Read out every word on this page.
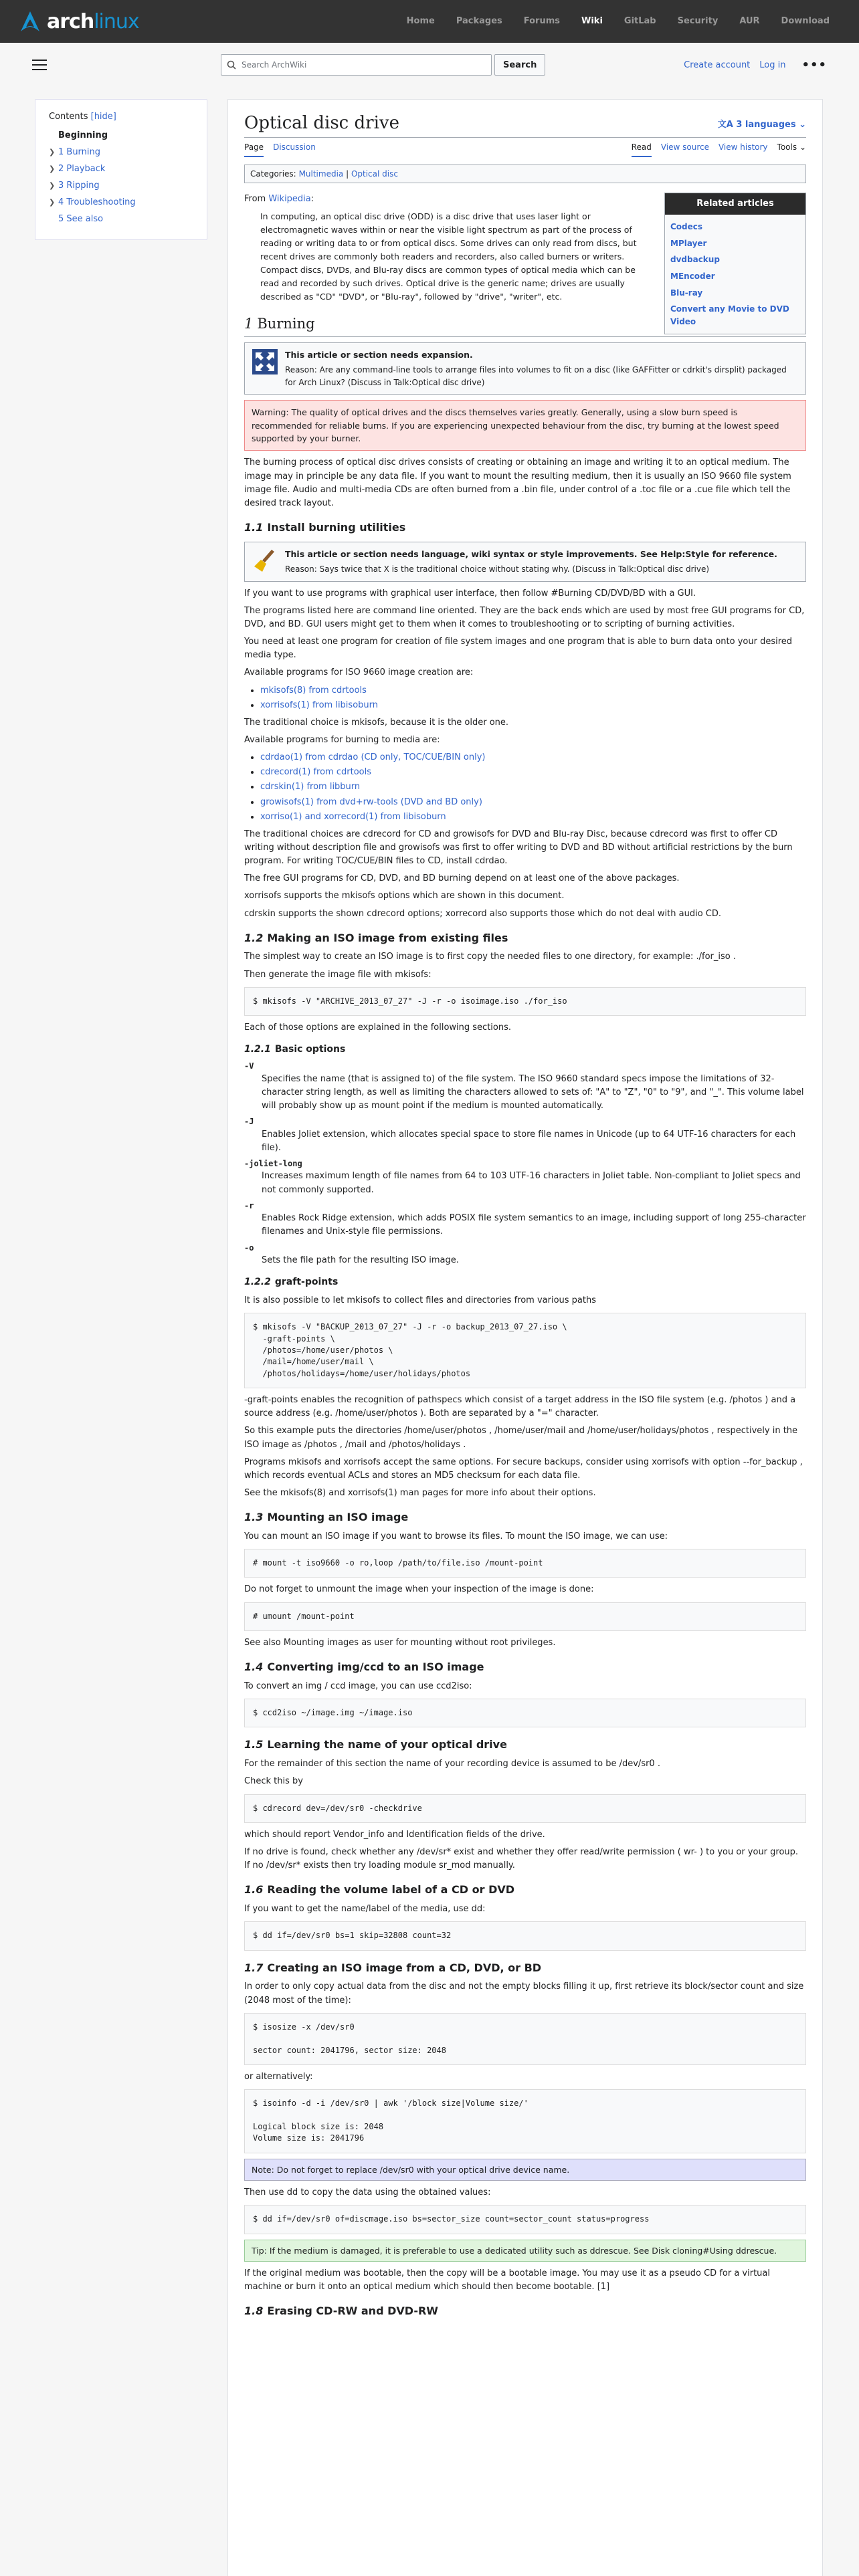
archlinux	Home	Packages	Forums	Wiki	GitLab	Security	AUR	Download
Search ArchWiki	Search	Create account Log in •••
Contents [hide]
Beginning
❯ 1 Burning
❯ 2 Playback
❯ 3 Ripping
❯ 4 Troubleshooting
5 See also
Optical disc drive	文A 3 languages ⌄
Page Discussion	Read View source View history Tools ⌄
Categories: Multimedia | Optical disc
Related articles
Codecs
MPlayer
dvdbackup
MEncoder
Blu-ray
Convert any Movie to DVD Video

From Wikipedia:

In computing, an optical disc drive (ODD) is a disc drive that uses laser light or electromagnetic waves within or near the visible light spectrum as part of the process of reading or writing data to or from optical discs. Some drives can only read from discs, but recent drives are commonly both readers and recorders, also called burners or writers. Compact discs, DVDs, and Blu-ray discs are common types of optical media which can be read and recorded by such drives. Optical drive is the generic name; drives are usually described as "CD" "DVD", or "Blu-ray", followed by "drive", "writer", etc.
1 Burning
This article or section needs expansion.
Reason: Are any command-line tools to arrange files into volumes to fit on a disc (like GAFFitter or cdrkit's dirsplit) packaged for Arch Linux? (Discuss in Talk:Optical disc drive)
Warning: The quality of optical drives and the discs themselves varies greatly. Generally, using a slow burn speed is recommended for reliable burns. If you are experiencing unexpected behaviour from the disc, try burning at the lowest speed supported by your burner.

The burning process of optical disc drives consists of creating or obtaining an image and writing it to an optical medium. The image may in principle be any data file. If you want to mount the resulting medium, then it is usually an ISO 9660 file system image file. Audio and multi-media CDs are often burned from a .bin file, under control of a .toc file or a .cue file which tell the desired track layout.

1.1 Install burning utilities
This article or section needs language, wiki syntax or style improvements. See Help:Style for reference.
Reason: Says twice that X is the traditional choice without stating why. (Discuss in Talk:Optical disc drive)

If you want to use programs with graphical user interface, then follow #Burning CD/DVD/BD with a GUI.

The programs listed here are command line oriented. They are the back ends which are used by most free GUI programs for CD, DVD, and BD. GUI users might get to them when it comes to troubleshooting or to scripting of burning activities.

You need at least one program for creation of file system images and one program that is able to burn data onto your desired media type.

Available programs for ISO 9660 image creation are:

• mkisofs(8) from cdrtools
• xorrisofs(1) from libisoburn

The traditional choice is mkisofs, because it is the older one.

Available programs for burning to media are:

• cdrdao(1) from cdrdao (CD only, TOC/CUE/BIN only)
• cdrecord(1) from cdrtools
• cdrskin(1) from libburn
• growisofs(1) from dvd+rw-tools (DVD and BD only)
• xorriso(1) and xorrecord(1) from libisoburn

The traditional choices are cdrecord for CD and growisofs for DVD and Blu-ray Disc, because cdrecord was first to offer CD writing without description file and growisofs was first to offer writing to DVD and BD without artificial restrictions by the burn program. For writing TOC/CUE/BIN files to CD, install cdrdao.

The free GUI programs for CD, DVD, and BD burning depend on at least one of the above packages.

xorrisofs supports the mkisofs options which are shown in this document.

cdrskin supports the shown cdrecord options; xorrecord also supports those which do not deal with audio CD.

1.2 Making an ISO image from existing files

The simplest way to create an ISO image is to first copy the needed files to one directory, for example: ./for_iso .

Then generate the image file with mkisofs:

$ mkisofs -V "ARCHIVE_2013_07_27" -J -r -o isoimage.iso ./for_iso

Each of those options are explained in the following sections.

1.2.1 Basic options
-V
Specifies the name (that is assigned to) of the file system. The ISO 9660 standard specs impose the limitations of 32-character string length, as well as limiting the characters allowed to sets of: "A" to "Z", "0" to "9", and "_". This volume label will probably show up as mount point if the medium is mounted automatically.
-J
Enables Joliet extension, which allocates special space to store file names in Unicode (up to 64 UTF-16 characters for each file).
-joliet-long
Increases maximum length of file names from 64 to 103 UTF-16 characters in Joliet table. Non-compliant to Joliet specs and not commonly supported.
-r
Enables Rock Ridge extension, which adds POSIX file system semantics to an image, including support of long 255-character filenames and Unix-style file permissions.
-o
Sets the file path for the resulting ISO image.
1.2.2 graft-points

It is also possible to let mkisofs to collect files and directories from various paths

$ mkisofs -V "BACKUP_2013_07_27" -J -r -o backup_2013_07_27.iso \
-graft-points \
/photos=/home/user/photos \
/mail=/home/user/mail \
/photos/holidays=/home/user/holidays/photos

-graft-points enables the recognition of pathspecs which consist of a target address in the ISO file system (e.g. /photos ) and a source address (e.g. /home/user/photos ). Both are separated by a "=" character.

So this example puts the directories /home/user/photos , /home/user/mail and /home/user/holidays/photos , respectively in the ISO image as /photos , /mail and /photos/holidays .

Programs mkisofs and xorrisofs accept the same options. For secure backups, consider using xorrisofs with option --for_backup , which records eventual ACLs and stores an MD5 checksum for each data file.

See the mkisofs(8) and xorrisofs(1) man pages for more info about their options.

1.3 Mounting an ISO image

You can mount an ISO image if you want to browse its files. To mount the ISO image, we can use:

# mount -t iso9660 -o ro,loop /path/to/file.iso /mount-point

Do not forget to unmount the image when your inspection of the image is done:

# umount /mount-point

See also Mounting images as user for mounting without root privileges.

1.4 Converting img/ccd to an ISO image

To convert an img / ccd image, you can use ccd2iso:

$ ccd2iso ~/image.img ~/image.iso
1.5 Learning the name of your optical drive

For the remainder of this section the name of your recording device is assumed to be /dev/sr0 .

Check this by

$ cdrecord dev=/dev/sr0 -checkdrive

which should report Vendor_info and Identification fields of the drive.

If no drive is found, check whether any /dev/sr* exist and whether they offer read/write permission ( wr- ) to you or your group. If no /dev/sr* exists then try loading module sr_mod manually.

1.6 Reading the volume label of a CD or DVD

If you want to get the name/label of the media, use dd:

$ dd if=/dev/sr0 bs=1 skip=32808 count=32
1.7 Creating an ISO image from a CD, DVD, or BD

In order to only copy actual data from the disc and not the empty blocks filling it up, first retrieve its block/sector count and size (2048 most of the time):

$ isosize -x /dev/sr0

sector count: 2041796, sector size: 2048

or alternatively:

$ isoinfo -d -i /dev/sr0 | awk '/block size|Volume size/'

Logical block size is: 2048
Volume size is: 2041796
Note: Do not forget to replace /dev/sr0 with your optical drive device name.

Then use dd to copy the data using the obtained values:

$ dd if=/dev/sr0 of=discmage.iso bs=sector_size count=sector_count status=progress
Tip: If the medium is damaged, it is preferable to use a dedicated utility such as ddrescue. See Disk cloning#Using ddrescue.

If the original medium was bootable, then the copy will be a bootable image. You may use it as a pseudo CD for a virtual machine or burn it onto an optical medium which should then become bootable. [1]

1.8 Erasing CD-RW and DVD-RW
